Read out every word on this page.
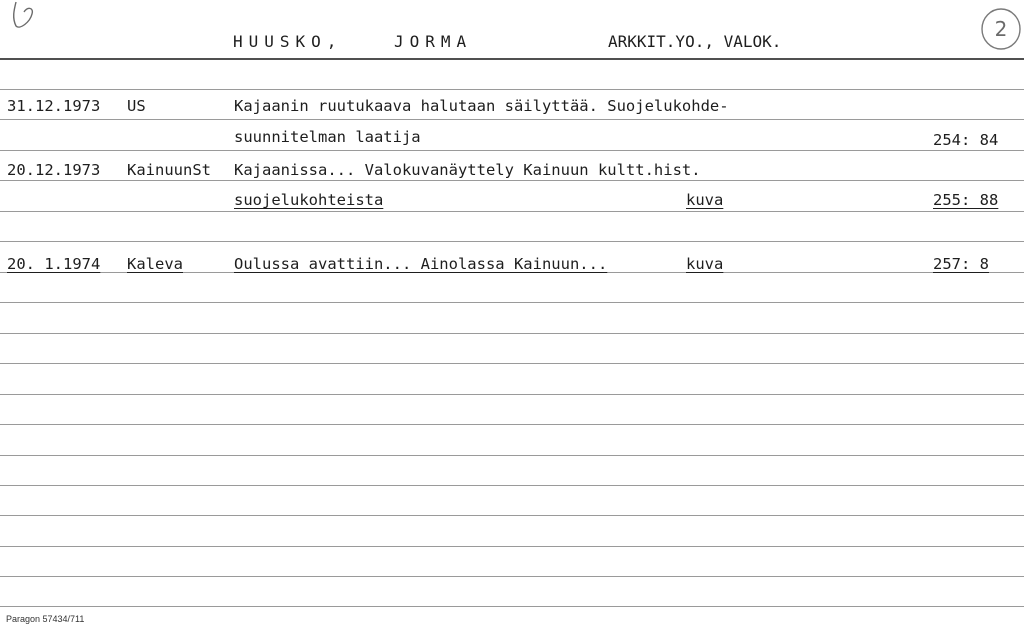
2
HUUSKO,	JORMA	ARKKIT.YO., VALOK.
31.12.1973 US	Kajaanin ruutukaava halutaan säilyttää. Suojelukohde-
suunnitelman laatija	254: 84
20.12.1973 KainuunSt Kajaanissa... Valokuvanäyttely Kainuun kultt.hist.
suojelukohteista	kuva	255: 88
20. 1.1974 Kaleva	Oulussa avattiin... Ainolassa Kainuun...	kuva	257: 8
Paragon 57434/711
